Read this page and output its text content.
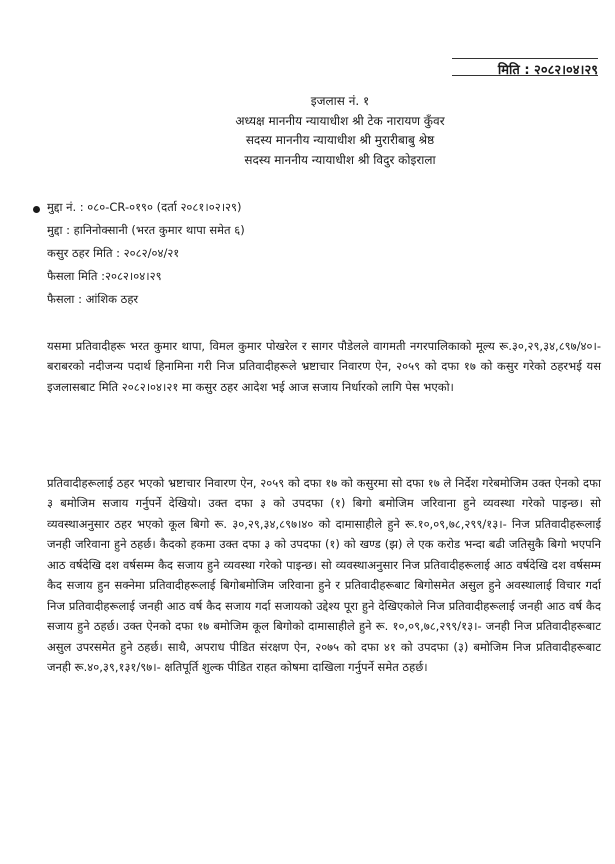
मिति : २०८२।०४।२९
इजलास नं. १
अध्यक्ष माननीय न्यायाधीश श्री टेक नारायण कुँवर
सदस्य माननीय न्यायाधीश श्री मुरारीबाबु श्रेष्ठ
सदस्य माननीय न्यायाधीश श्री विदुर कोइराला
मुद्दा नं. : ०८०-CR-०१९० (दर्ता २०८१।०२।२९)
मुद्दा : हानिनोक्सानी (भरत कुमार थापा समेत ६)
कसुर ठहर मिति : २०८२/०४/२१
फैसला मिति :२०८२।०४।२९
फैसला : आंशिक ठहर

यसमा प्रतिवादीहरू भरत कुमार थापा, विमल कुमार पोखरेल र सागर पौडेलले वागमती नगरपालिकाको मूल्य रू.३०,२९,३४,८९७/४०।- बराबरको नदीजन्य पदार्थ हिनामिना गरी निज प्रतिवादीहरूले भ्रष्टाचार निवारण ऐन, २०५९ को दफा १७ को कसुर गरेको ठहरभई यस इजलासबाट मिति २०८२।०४।२१ मा कसुर ठहर आदेश भई आज सजाय निर्धारको लागि पेस भएको।

प्रतिवादीहरूलाई ठहर भएको भ्रष्टाचार निवारण ऐन, २०५९ को दफा १७ को कसुरमा सो दफा १७ ले निर्देश गरेबमोजिम उक्त ऐनको दफा ३ बमोजिम सजाय गर्नुपर्ने देखियो। उक्त दफा ३ को उपदफा (१) बिगो बमोजिम जरिवाना हुने व्यवस्था गरेको पाइन्छ। सो व्यवस्थाअनुसार ठहर भएको कूल बिगो रू. ३०,२९,३४,८९७।४० को दामासाहीले हुने रू.१०,०९,७८,२९९/१३।- निज प्रतिवादीहरूलाई जनही जरिवाना हुने ठहर्छ। कैदको हकमा उक्त दफा ३ को उपदफा (१) को खण्ड (झ) ले एक करोड भन्दा बढी जतिसुकै बिगो भएपनि आठ वर्षदेखि दश वर्षसम्म कैद सजाय हुने व्यवस्था गरेको पाइन्छ। सो व्यवस्थाअनुसार निज प्रतिवादीहरूलाई आठ वर्षदेखि दश वर्षसम्म कैद सजाय हुन सक्नेमा प्रतिवादीहरूलाई बिगोबमोजिम जरिवाना हुने र प्रतिवादीहरूबाट बिगोसमेत असुल हुने अवस्थालाई विचार गर्दा निज प्रतिवादीहरूलाई जनही आठ वर्ष कैद सजाय गर्दा सजायको उद्देश्य पूरा हुने देखिएकोले निज प्रतिवादीहरूलाई जनही आठ वर्ष कैद सजाय हुने ठहर्छ। उक्त ऐनको दफा १७ बमोजिम कूल बिगोको दामासाहीले हुने रू. १०,०९,७८,२९९/१३।- जनही निज प्रतिवादीहरूबाट असुल उपरसमेत हुने ठहर्छ। साथै, अपराध पीडित संरक्षण ऐन, २०७५ को दफा ४१ को उपदफा (३) बमोजिम निज प्रतिवादीहरूबाट जनही रू.४०,३९,१३१/९७।- क्षतिपूर्ति शुल्क पीडित राहत कोषमा दाखिला गर्नुपर्ने समेत ठहर्छ।
